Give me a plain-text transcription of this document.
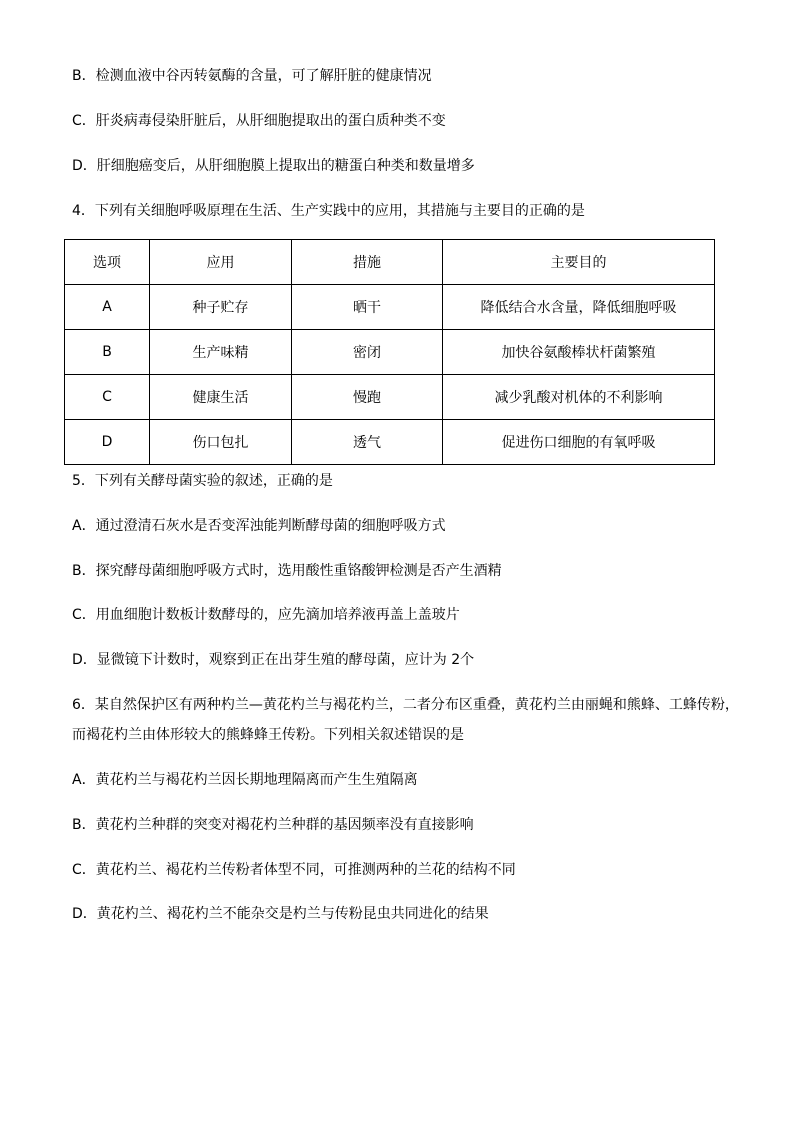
B．检测血液中谷丙转氨酶的含量，可了解肝脏的健康情况
C．肝炎病毒侵染肝脏后，从肝细胞提取出的蛋白质种类不变
D．肝细胞癌变后，从肝细胞膜上提取出的糖蛋白种类和数量增多
4．下列有关细胞呼吸原理在生活、生产实践中的应用，其措施与主要目的正确的是
选项	应用	措施	主要目的
A	种子贮存	晒干	降低结合水含量，降低细胞呼吸
B	生产味精	密闭	加快谷氨酸棒状杆菌繁殖
C	健康生活	慢跑	减少乳酸对机体的不利影响
D	伤口包扎	透气	促进伤口细胞的有氧呼吸
5．下列有关酵母菌实验的叙述，正确的是
A．通过澄清石灰水是否变浑浊能判断酵母菌的细胞呼吸方式
B．探究酵母菌细胞呼吸方式时，选用酸性重铬酸钾检测是否产生酒精
C．用血细胞计数板计数酵母的，应先滴加培养液再盖上盖玻片
D．显微镜下计数时，观察到正在出芽生殖的酵母菌，应计为 2个
6．某自然保护区有两种杓兰—黄花杓兰与褐花杓兰，二者分布区重叠，黄花杓兰由丽蝇和熊蜂、工蜂传粉，
而褐花杓兰由体形较大的熊蜂蜂王传粉。下列相关叙述错误的是
A．黄花杓兰与褐花杓兰因长期地理隔离而产生生殖隔离
B．黄花杓兰种群的突变对褐花杓兰种群的基因频率没有直接影响
C．黄花杓兰、褐花杓兰传粉者体型不同，可推测两种的兰花的结构不同
D．黄花杓兰、褐花杓兰不能杂交是杓兰与传粉昆虫共同进化的结果
